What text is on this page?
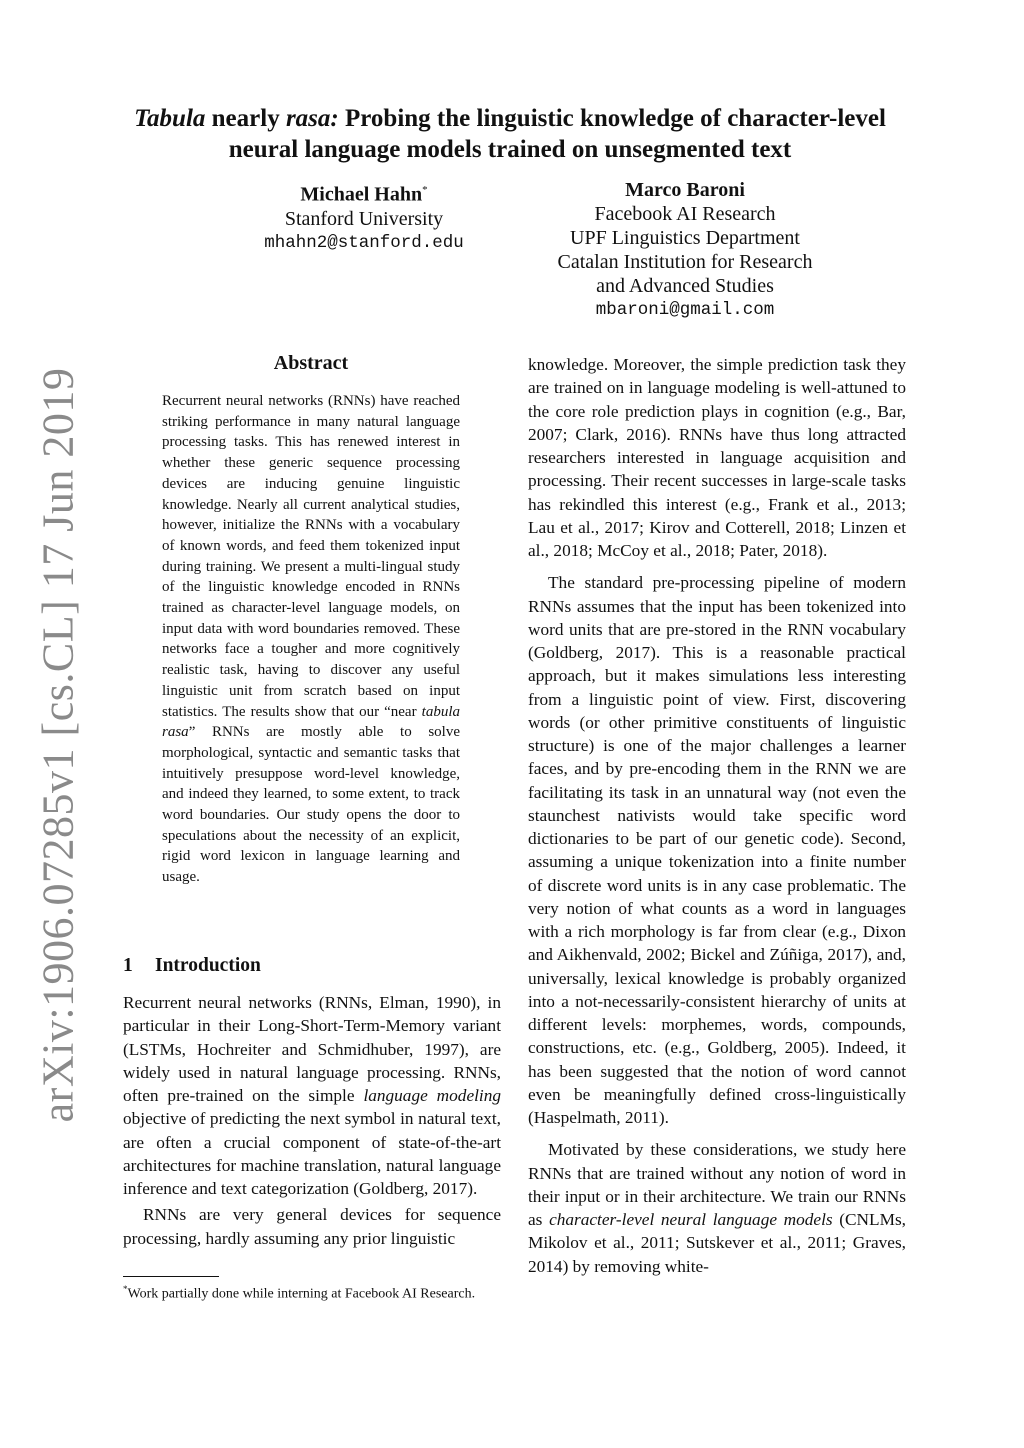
arXiv:1906.07285v1 [cs.CL] 17 Jun 2019
Tabula nearly rasa: Probing the linguistic knowledge of character-level neural language models trained on unsegmented text
Michael Hahn*
Stanford University
mhahn2@stanford.edu
Marco Baroni
Facebook AI Research
UPF Linguistics Department
Catalan Institution for Research
and Advanced Studies
mbaroni@gmail.com
Abstract
Recurrent neural networks (RNNs) have reached striking performance in many natural language processing tasks. This has renewed interest in whether these generic sequence processing devices are inducing genuine linguistic knowledge. Nearly all current analytical studies, however, initialize the RNNs with a vocabulary of known words, and feed them tokenized input during training. We present a multi-lingual study of the linguistic knowledge encoded in RNNs trained as character-level language models, on input data with word boundaries removed. These networks face a tougher and more cognitively realistic task, having to discover any useful linguistic unit from scratch based on input statistics. The results show that our “near tabula rasa” RNNs are mostly able to solve morphological, syntactic and semantic tasks that intuitively presuppose word-level knowledge, and indeed they learned, to some extent, to track word boundaries. Our study opens the door to speculations about the necessity of an explicit, rigid word lexicon in language learning and usage.
1 Introduction

Recurrent neural networks (RNNs, Elman, 1990), in particular in their Long-Short-Term-Memory variant (LSTMs, Hochreiter and Schmidhuber, 1997), are widely used in natural language processing. RNNs, often pre-trained on the simple language modeling objective of predicting the next symbol in natural text, are often a crucial component of state-of-the-art architectures for machine translation, natural language inference and text categorization (Goldberg, 2017).

RNNs are very general devices for sequence processing, hardly assuming any prior linguistic

knowledge. Moreover, the simple prediction task they are trained on in language modeling is well-attuned to the core role prediction plays in cognition (e.g., Bar, 2007; Clark, 2016). RNNs have thus long attracted researchers interested in language acquisition and processing. Their recent successes in large-scale tasks has rekindled this interest (e.g., Frank et al., 2013; Lau et al., 2017; Kirov and Cotterell, 2018; Linzen et al., 2018; McCoy et al., 2018; Pater, 2018).

The standard pre-processing pipeline of modern RNNs assumes that the input has been tokenized into word units that are pre-stored in the RNN vocabulary (Goldberg, 2017). This is a reasonable practical approach, but it makes simulations less interesting from a linguistic point of view. First, discovering words (or other primitive constituents of linguistic structure) is one of the major challenges a learner faces, and by pre-encoding them in the RNN we are facilitating its task in an unnatural way (not even the staunchest nativists would take specific word dictionaries to be part of our genetic code). Second, assuming a unique tokenization into a finite number of discrete word units is in any case problematic. The very notion of what counts as a word in languages with a rich morphology is far from clear (e.g., Dixon and Aikhenvald, 2002; Bickel and Zúñiga, 2017), and, universally, lexical knowledge is probably organized into a not-necessarily-consistent hierarchy of units at different levels: morphemes, words, compounds, constructions, etc. (e.g., Goldberg, 2005). Indeed, it has been suggested that the notion of word cannot even be meaningfully defined cross-linguistically (Haspelmath, 2011).

Motivated by these considerations, we study here RNNs that are trained without any notion of word in their input or in their architecture. We train our RNNs as character-level neural language models (CNLMs, Mikolov et al., 2011; Sutskever et al., 2011; Graves, 2014) by removing white-

*Work partially done while interning at Facebook AI Research.
